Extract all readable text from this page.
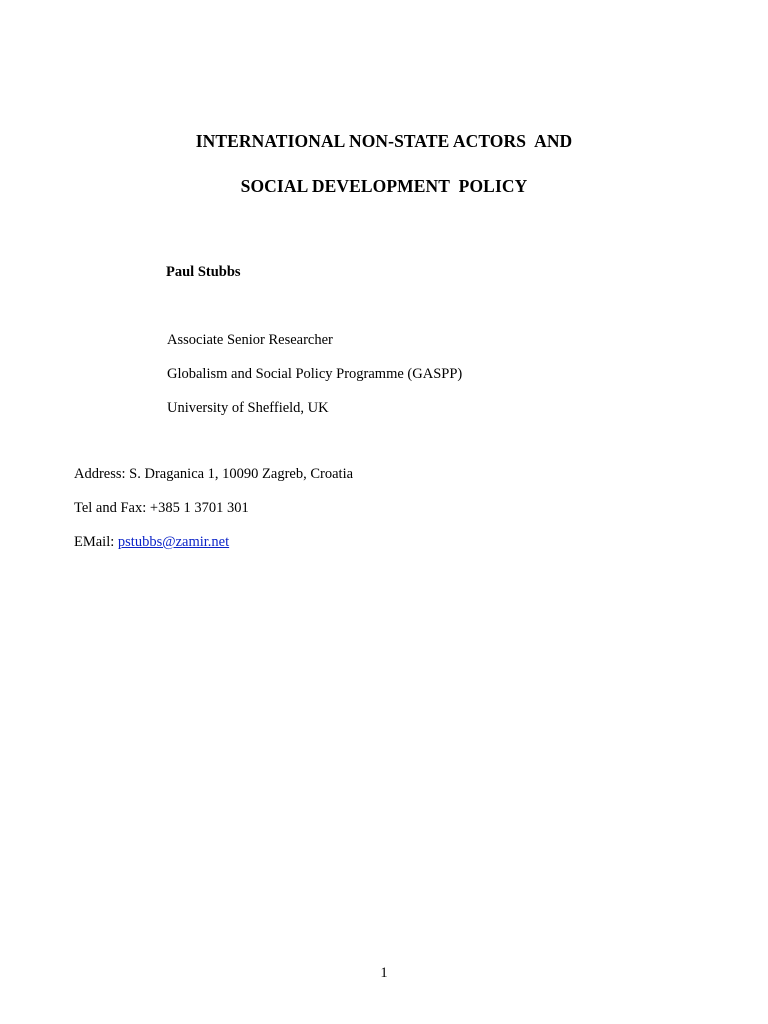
INTERNATIONAL NON-STATE ACTORS  AND
SOCIAL DEVELOPMENT  POLICY
Paul Stubbs
Associate Senior Researcher
Globalism and Social Policy Programme (GASPP)
University of Sheffield, UK
Address: S. Draganica 1, 10090 Zagreb, Croatia
Tel and Fax: +385 1 3701 301
EMail: pstubbs@zamir.net
1
